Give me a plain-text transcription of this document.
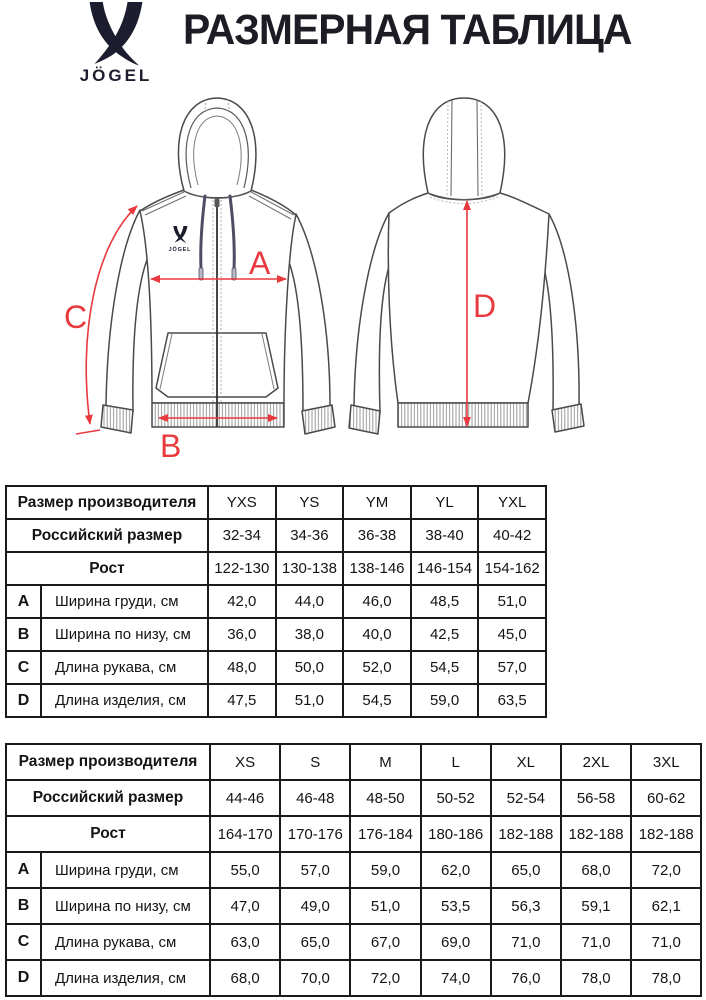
JÖGEL
РАЗМЕРНАЯ ТАБЛИЦА
JÖGEL A
B
C	D
Размер производителя		YXS	YS	YM	YL	YXL
Российский размер		32-34	34-36	36-38	38-40	40-42
Рост		122-130	130-138	138-146	146-154	154-162
A	Ширина груди, см	42,0	44,0	46,0	48,5	51,0
B	Ширина по низу, см	36,0	38,0	40,0	42,5	45,0
C	Длина рукава, см	48,0	50,0	52,0	54,5	57,0
D	Длина изделия, см	47,5	51,0	54,5	59,0	63,5
Размер производителя		XS	S	M	L	XL	2XL	3XL
Российский размер		44-46	46-48	48-50	50-52	52-54	56-58	60-62
Рост		164-170	170-176	176-184	180-186	182-188	182-188	182-188
A	Ширина груди, см	55,0	57,0	59,0	62,0	65,0	68,0	72,0
B	Ширина по низу, см	47,0	49,0	51,0	53,5	56,3	59,1	62,1
C	Длина рукава, см	63,0	65,0	67,0	69,0	71,0	71,0	71,0
D	Длина изделия, см	68,0	70,0	72,0	74,0	76,0	78,0	78,0
